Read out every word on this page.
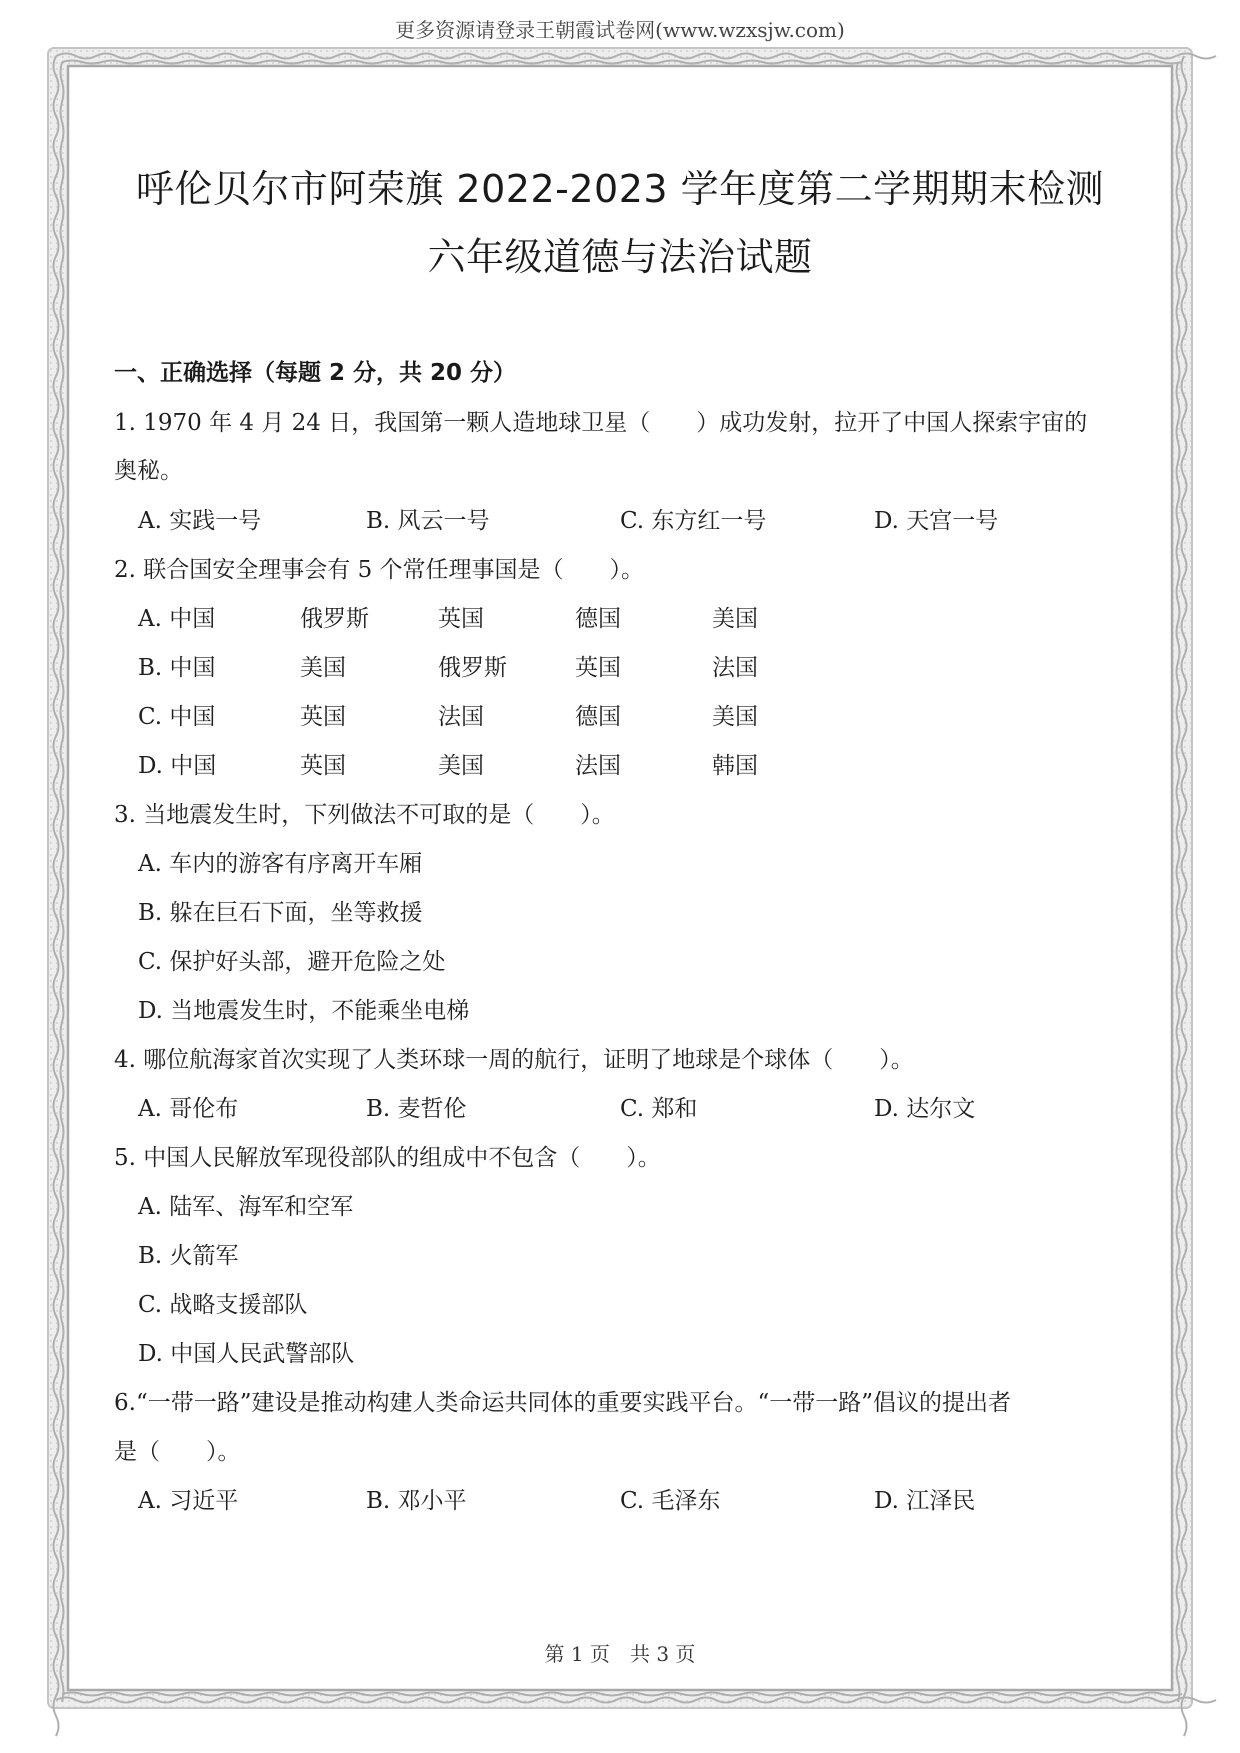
更多资源请登录王朝霞试卷网(www.wzxsjw.com)
呼伦贝尔市阿荣旗 2022-2023 学年度第二学期期末检测
六年级道德与法治试题
一、正确选择（每题 2 分，共 20 分）
1. 1970 年 4 月 24 日，我国第一颗人造地球卫星（　　）成功发射，拉开了中国人探索宇宙的
奥秘。
A. 实践一号	B. 风云一号	C. 东方红一号	D. 天宫一号
2. 联合国安全理事会有 5 个常任理事国是（　　）。
A. 中国	俄罗斯	英国	德国	美国
B. 中国	美国	俄罗斯	英国	法国
C. 中国	英国	法国	德国	美国
D. 中国	英国	美国	法国	韩国
3. 当地震发生时，下列做法不可取的是（　　）。
A. 车内的游客有序离开车厢
B. 躲在巨石下面，坐等救援
C. 保护好头部，避开危险之处
D. 当地震发生时，不能乘坐电梯
4. 哪位航海家首次实现了人类环球一周的航行，证明了地球是个球体（　　）。
A. 哥伦布	B. 麦哲伦	C. 郑和	D. 达尔文
5. 中国人民解放军现役部队的组成中不包含（　　）。
A. 陆军、海军和空军
B. 火箭军
C. 战略支援部队
D. 中国人民武警部队
6.“一带一路”建设是推动构建人类命运共同体的重要实践平台。“一带一路”倡议的提出者
是（　　）。
A. 习近平	B. 邓小平	C. 毛泽东	D. 江泽民
第 1 页　共 3 页
